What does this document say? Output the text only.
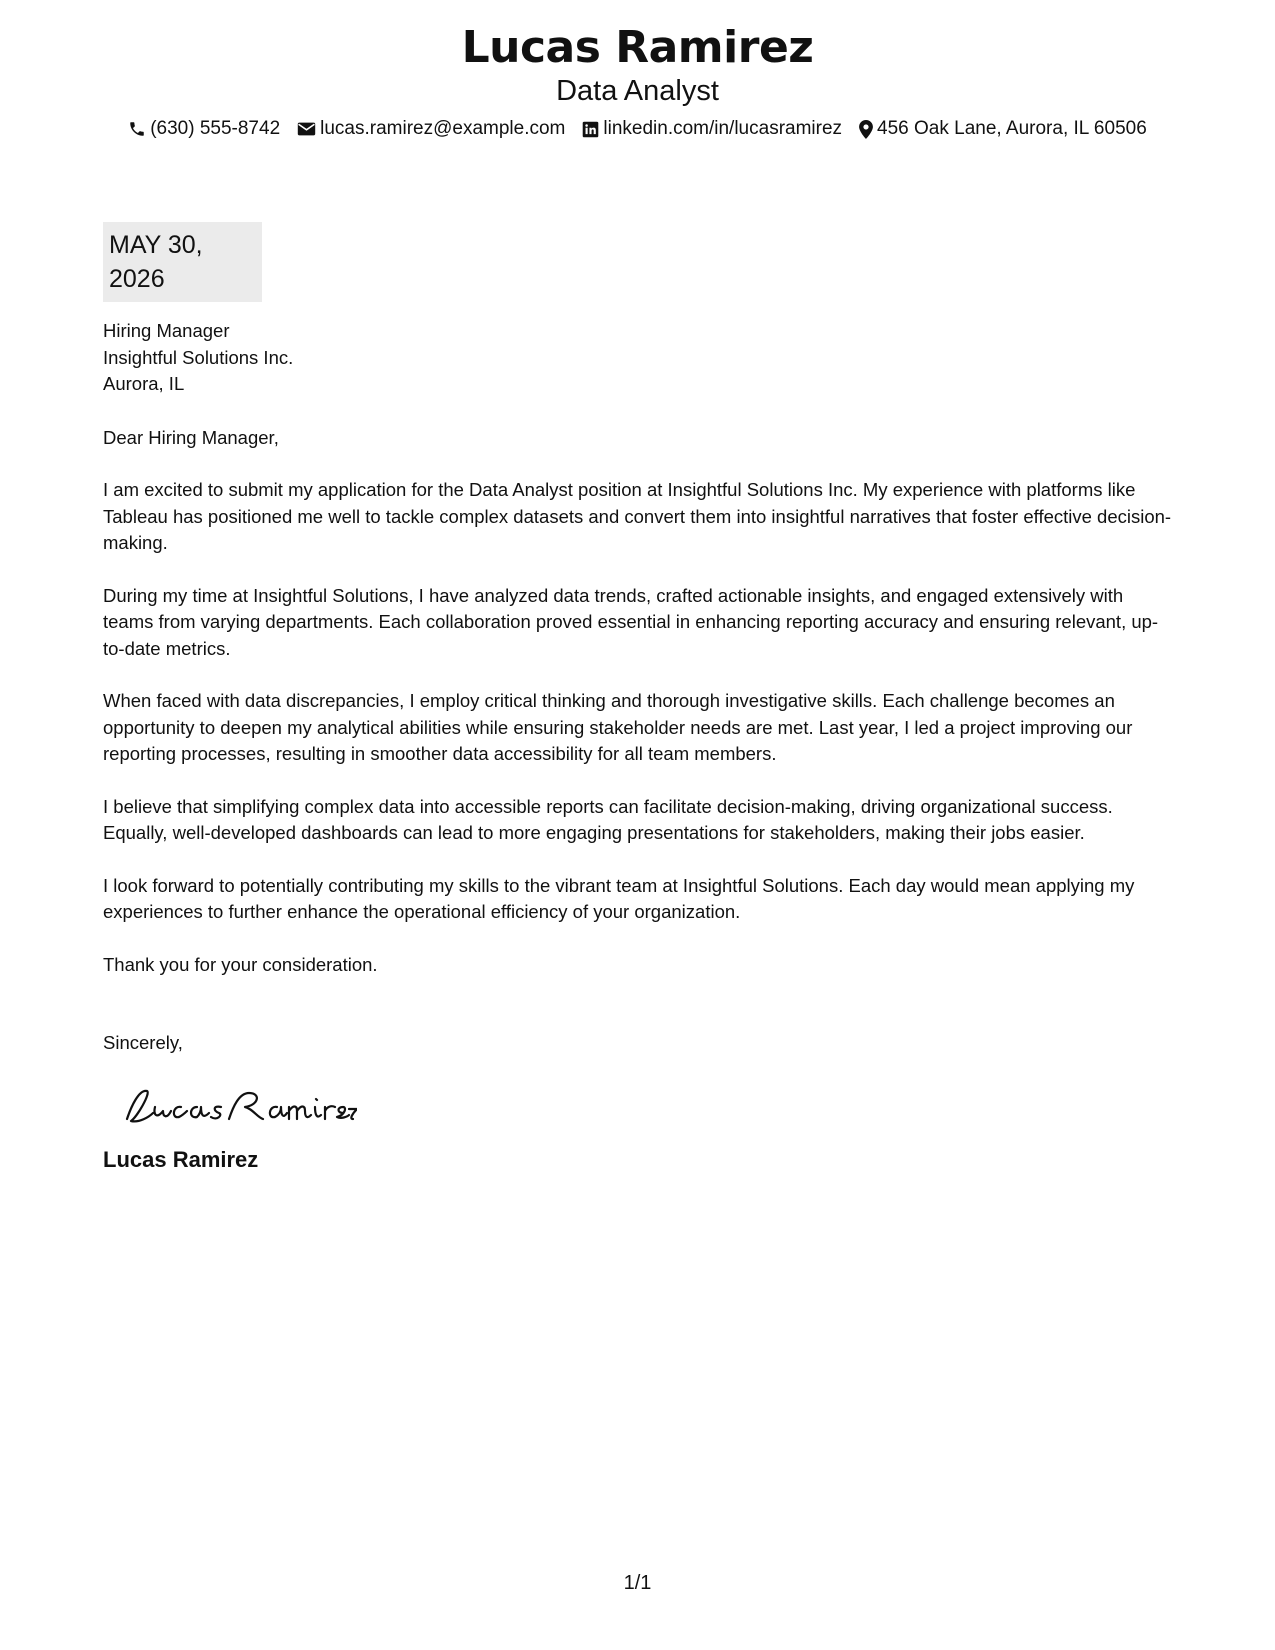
Lucas Ramirez
Data Analyst
(630) 555-8742 lucas.ramirez@example.com linkedin.com/in/lucasramirez 456 Oak Lane, Aurora, IL 60506
MAY 30, 2026
Hiring Manager
Insightful Solutions Inc.
Aurora, IL
Dear Hiring Manager,
I am excited to submit my application for the Data Analyst position at Insightful Solutions Inc. My experience with platforms like Tableau has positioned me well to tackle complex datasets and convert them into insightful narratives that foster effective decision-making.
During my time at Insightful Solutions, I have analyzed data trends, crafted actionable insights, and engaged extensively with teams from varying departments. Each collaboration proved essential in enhancing reporting accuracy and ensuring relevant, up-to-date metrics.
When faced with data discrepancies, I employ critical thinking and thorough investigative skills. Each challenge becomes an opportunity to deepen my analytical abilities while ensuring stakeholder needs are met. Last year, I led a project improving our reporting processes, resulting in smoother data accessibility for all team members.
I believe that simplifying complex data into accessible reports can facilitate decision-making, driving organizational success. Equally, well-developed dashboards can lead to more engaging presentations for stakeholders, making their jobs easier.
I look forward to potentially contributing my skills to the vibrant team at Insightful Solutions. Each day would mean applying my experiences to further enhance the operational efficiency of your organization.
Thank you for your consideration.
Sincerely,
Lucas Ramirez
1/1
